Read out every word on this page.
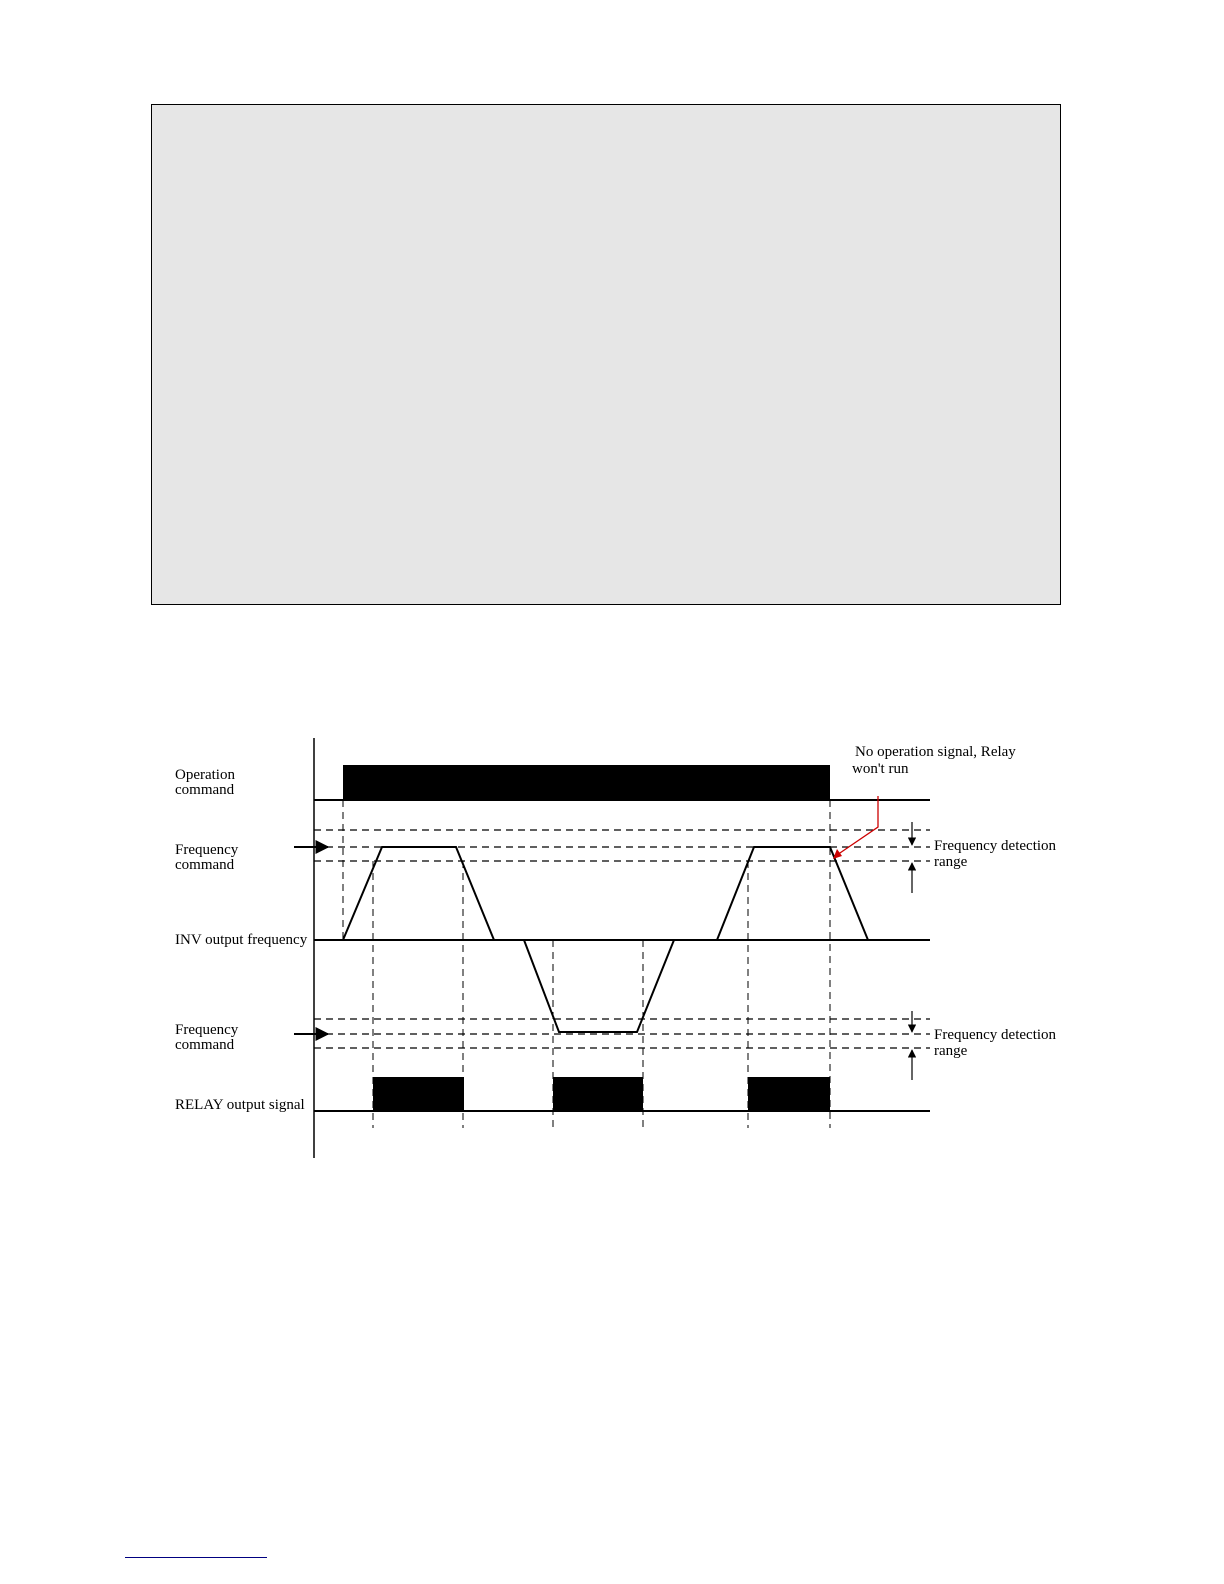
Operation
command
Frequency
command
INV output frequency
Frequency
command
RELAY output signal
Frequency detection
range
Frequency detection
range
No operation signal, Relay
won't run
